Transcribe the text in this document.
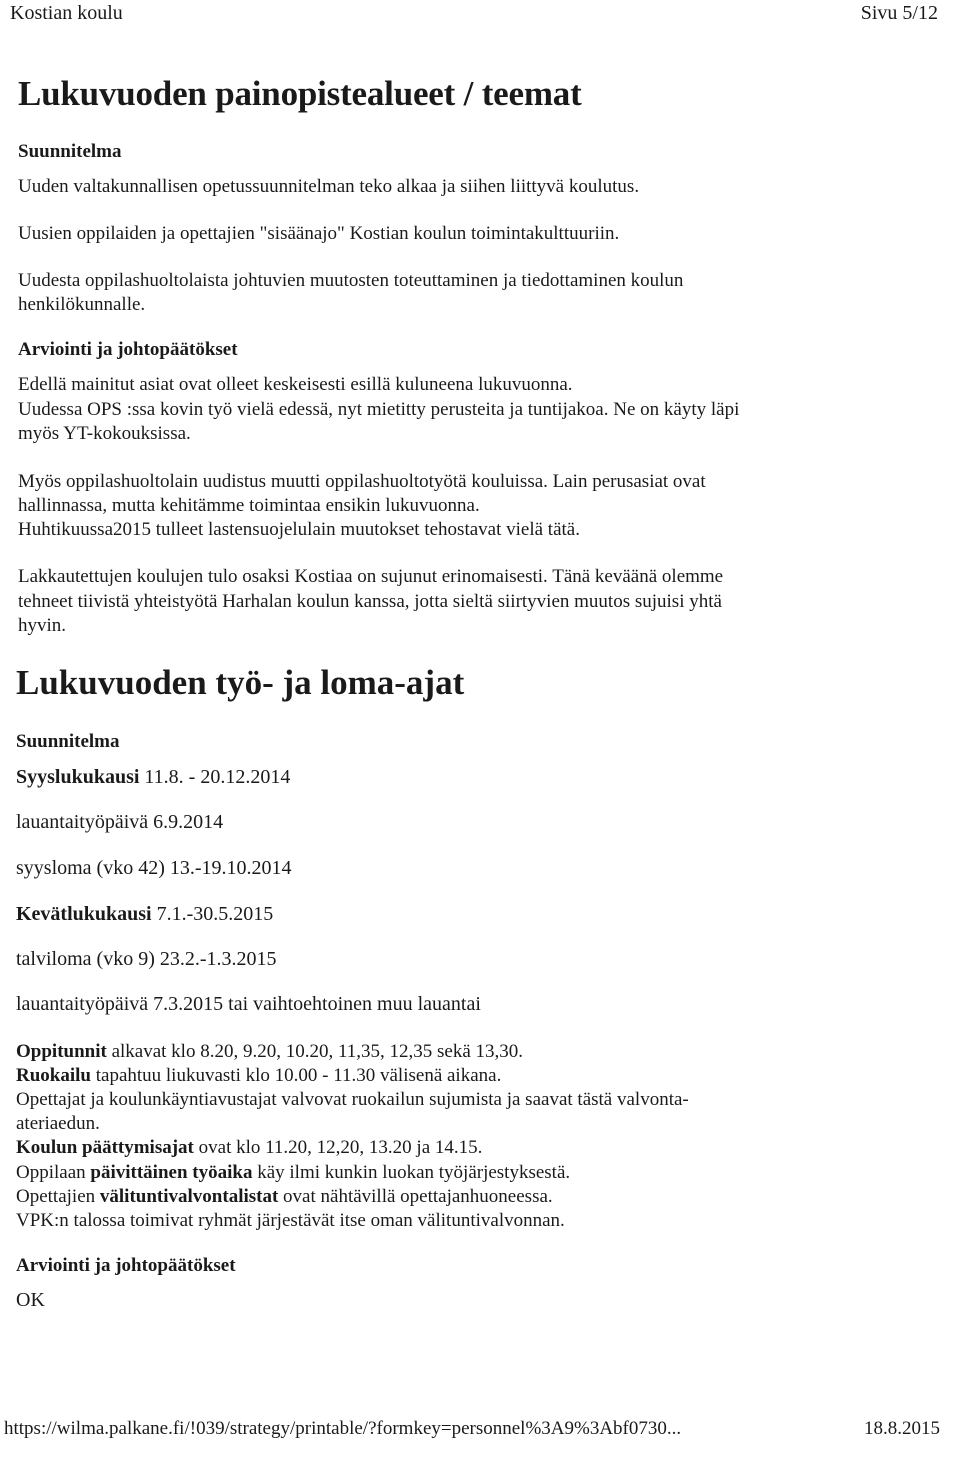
Kostian koulu	Sivu 5/12
Lukuvuoden painopistealueet / teemat
Suunnitelma
Uuden valtakunnallisen opetussuunnitelman teko alkaa ja siihen liittyvä koulutus.
Uusien oppilaiden ja opettajien "sisäänajo" Kostian koulun toimintakulttuuriin.
Uudesta oppilashuoltolaista johtuvien muutosten toteuttaminen ja tiedottaminen koulun
henkilökunnalle.
Arviointi ja johtopäätökset
Edellä mainitut asiat ovat olleet keskeisesti esillä kuluneena lukuvuonna.
Uudessa OPS :ssa kovin työ vielä edessä, nyt mietitty perusteita ja tuntijakoa. Ne on käyty läpi
myös YT-kokouksissa.
Myös oppilashuoltolain uudistus muutti oppilashuoltotyötä kouluissa. Lain perusasiat ovat
hallinnassa, mutta kehitämme toimintaa ensikin lukuvuonna.
Huhtikuussa2015 tulleet lastensuojelulain muutokset tehostavat vielä tätä.
Lakkautettujen koulujen tulo osaksi Kostiaa on sujunut erinomaisesti. Tänä keväänä olemme
tehneet tiivistä yhteistyötä Harhalan koulun kanssa, jotta sieltä siirtyvien muutos sujuisi yhtä
hyvin.
Lukuvuoden työ- ja loma-ajat
Suunnitelma
Syyslukukausi 11.8. - 20.12.2014
lauantaityöpäivä 6.9.2014
syysloma (vko 42) 13.-19.10.2014
Kevätlukukausi 7.1.-30.5.2015
talviloma (vko 9) 23.2.-1.3.2015
lauantaityöpäivä 7.3.2015 tai vaihtoehtoinen muu lauantai
Oppitunnit alkavat klo 8.20, 9.20, 10.20, 11,35, 12,35 sekä 13,30.
Ruokailu tapahtuu liukuvasti klo 10.00 - 11.30 välisenä aikana.
Opettajat ja koulunkäyntiavustajat valvovat ruokailun sujumista ja saavat tästä valvonta-
ateriaedun.
Koulun päättymisajat ovat klo 11.20, 12,20, 13.20 ja 14.15.
Oppilaan päivittäinen työaika käy ilmi kunkin luokan työjärjestyksestä.
Opettajien välituntivalvontalistat ovat nähtävillä opettajanhuoneessa.
VPK:n talossa toimivat ryhmät järjestävät itse oman välituntivalvonnan.
Arviointi ja johtopäätökset
OK
https://wilma.palkane.fi/!039/strategy/printable/?formkey=personnel%3A9%3Abf0730...	18.8.2015
